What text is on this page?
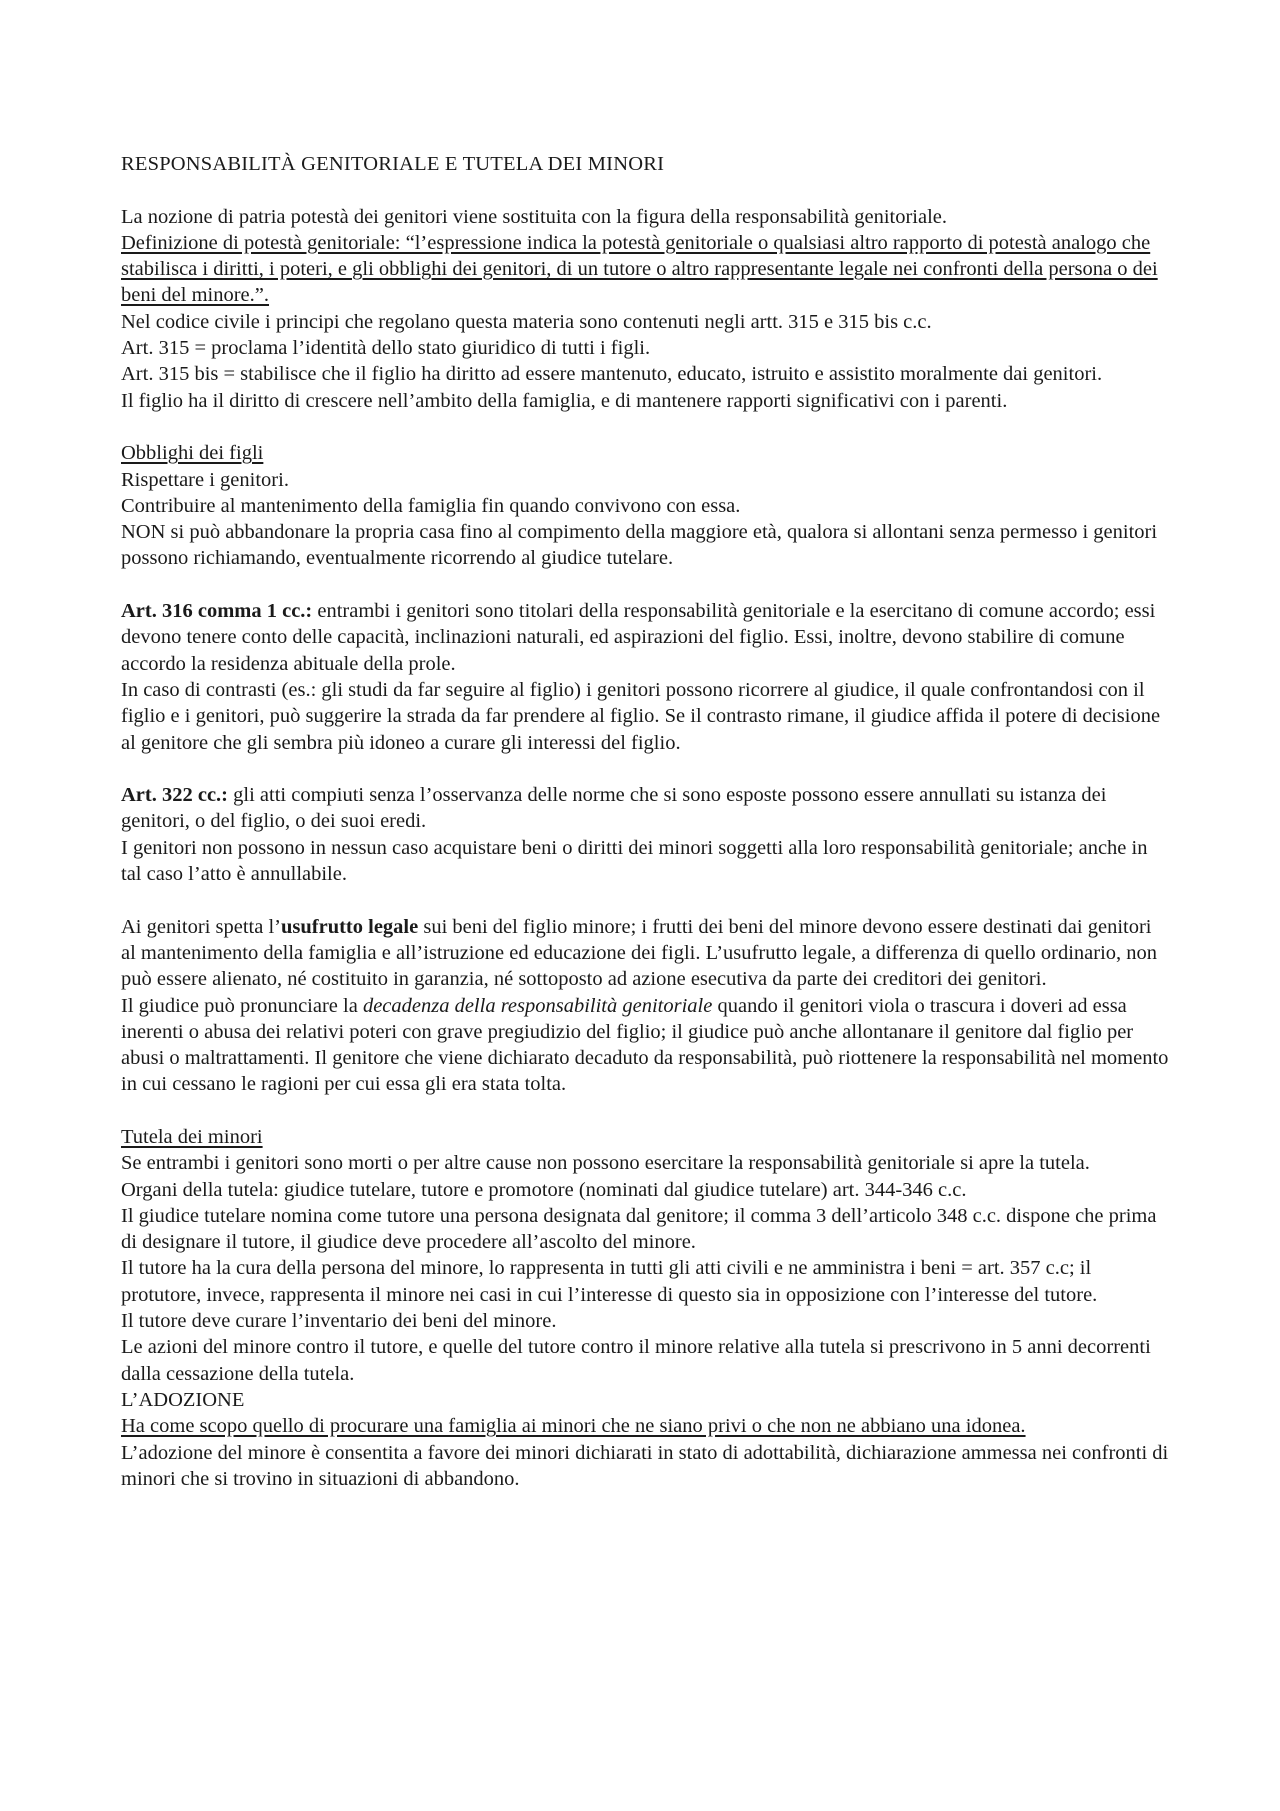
RESPONSABILITÀ GENITORIALE E TUTELA DEI MINORI

La nozione di patria potestà dei genitori viene sostituita con la figura della responsabilità genitoriale.

Definizione di potestà genitoriale: “l’espressione indica la potestà genitoriale o qualsiasi altro rapporto di potestà analogo che stabilisca i diritti, i poteri, e gli obblighi dei genitori, di un tutore o altro rappresentante legale nei confronti della persona o dei beni del minore.”.

Nel codice civile i principi che regolano questa materia sono contenuti negli artt. 315 e 315 bis c.c.

Art. 315 = proclama l’identità dello stato giuridico di tutti i figli.

Art. 315 bis = stabilisce che il figlio ha diritto ad essere mantenuto, educato, istruito e assistito moralmente dai genitori.

Il figlio ha il diritto di crescere nell’ambito della famiglia, e di mantenere rapporti significativi con i parenti.

Obblighi dei figli

Rispettare i genitori.

Contribuire al mantenimento della famiglia fin quando convivono con essa.

NON si può abbandonare la propria casa fino al compimento della maggiore età, qualora si allontani senza permesso i genitori possono richiamando, eventualmente ricorrendo al giudice tutelare.

Art. 316 comma 1 cc.: entrambi i genitori sono titolari della responsabilità genitoriale e la esercitano di comune accordo; essi devono tenere conto delle capacità, inclinazioni naturali, ed aspirazioni del figlio. Essi, inoltre, devono stabilire di comune accordo la residenza abituale della prole.

In caso di contrasti (es.: gli studi da far seguire al figlio) i genitori possono ricorrere al giudice, il quale confrontandosi con il figlio e i genitori, può suggerire la strada da far prendere al figlio. Se il contrasto rimane, il giudice affida il potere di decisione al genitore che gli sembra più idoneo a curare gli interessi del figlio.

Art. 322 cc.: gli atti compiuti senza l’osservanza delle norme che si sono esposte possono essere annullati su istanza dei genitori, o del figlio, o dei suoi eredi.

I genitori non possono in nessun caso acquistare beni o diritti dei minori soggetti alla loro responsabilità genitoriale; anche in tal caso l’atto è annullabile.

Ai genitori spetta l’usufrutto legale sui beni del figlio minore; i frutti dei beni del minore devono essere destinati dai genitori al mantenimento della famiglia e all’istruzione ed educazione dei figli. L’usufrutto legale, a differenza di quello ordinario, non può essere alienato, né costituito in garanzia, né sottoposto ad azione esecutiva da parte dei creditori dei genitori.

Il giudice può pronunciare la decadenza della responsabilità genitoriale quando il genitori viola o trascura i doveri ad essa inerenti o abusa dei relativi poteri con grave pregiudizio del figlio; il giudice può anche allontanare il genitore dal figlio per abusi o maltrattamenti. Il genitore che viene dichiarato decaduto da responsabilità, può riottenere la responsabilità nel momento in cui cessano le ragioni per cui essa gli era stata tolta.

Tutela dei minori

Se entrambi i genitori sono morti o per altre cause non possono esercitare la responsabilità genitoriale si apre la tutela.

Organi della tutela: giudice tutelare, tutore e promotore (nominati dal giudice tutelare) art. 344-346 c.c.

Il giudice tutelare nomina come tutore una persona designata dal genitore; il comma 3 dell’articolo 348 c.c. dispone che prima di designare il tutore, il giudice deve procedere all’ascolto del minore.

Il tutore ha la cura della persona del minore, lo rappresenta in tutti gli atti civili e ne amministra i beni = art. 357 c.c; il protutore, invece, rappresenta il minore nei casi in cui l’interesse di questo sia in opposizione con l’interesse del tutore.

Il tutore deve curare l’inventario dei beni del minore.

Le azioni del minore contro il tutore, e quelle del tutore contro il minore relative alla tutela si prescrivono in 5 anni decorrenti dalla cessazione della tutela.

L’ADOZIONE

Ha come scopo quello di procurare una famiglia ai minori che ne siano privi o che non ne abbiano una idonea.

L’adozione del minore è consentita a favore dei minori dichiarati in stato di adottabilità, dichiarazione ammessa nei confronti di minori che si trovino in situazioni di abbandono.
